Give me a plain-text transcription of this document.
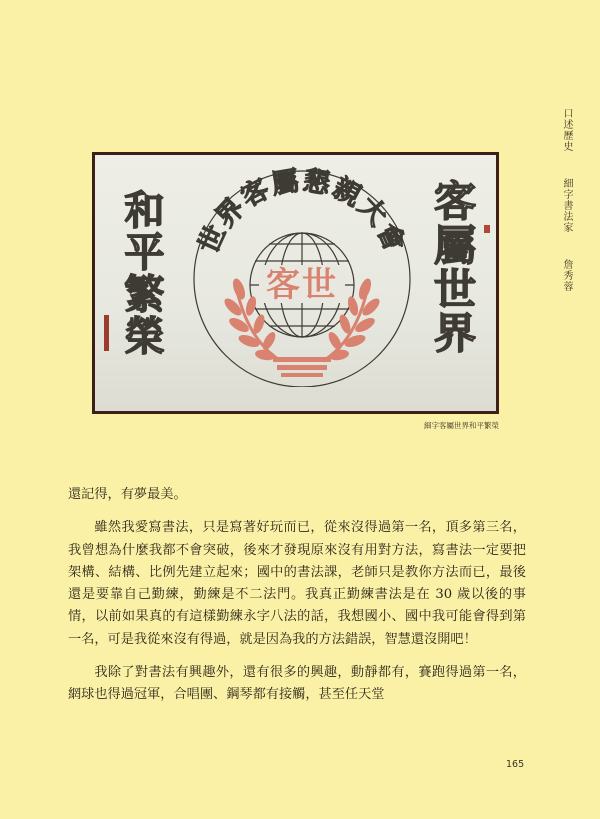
口述歷史 細字書法家 詹秀蓉
和平繁榮	客屬世界
世界客屬懇親大會
客世
細字客屬世界和平繁榮

還記得，有夢最美。

雖然我愛寫書法，只是寫著好玩而已，從來沒得過第一名，頂多第三名，我曾想為什麼我都不會突破，後來才發現原來沒有用對方法，寫書法一定要把架構、結構、比例先建立起來；國中的書法課，老師只是教你方法而已，最後還是要靠自己勤練，勤練是不二法門。我真正勤練書法是在 30 歲以後的事情，以前如果真的有這樣勤練永字八法的話，我想國小、國中我可能會得到第一名，可是我從來沒有得過，就是因為我的方法錯誤，智慧還沒開吧！

我除了對書法有興趣外，還有很多的興趣，動靜都有，賽跑得過第一名，網球也得過冠軍，合唱團、鋼琴都有接觸，甚至任天堂

165
